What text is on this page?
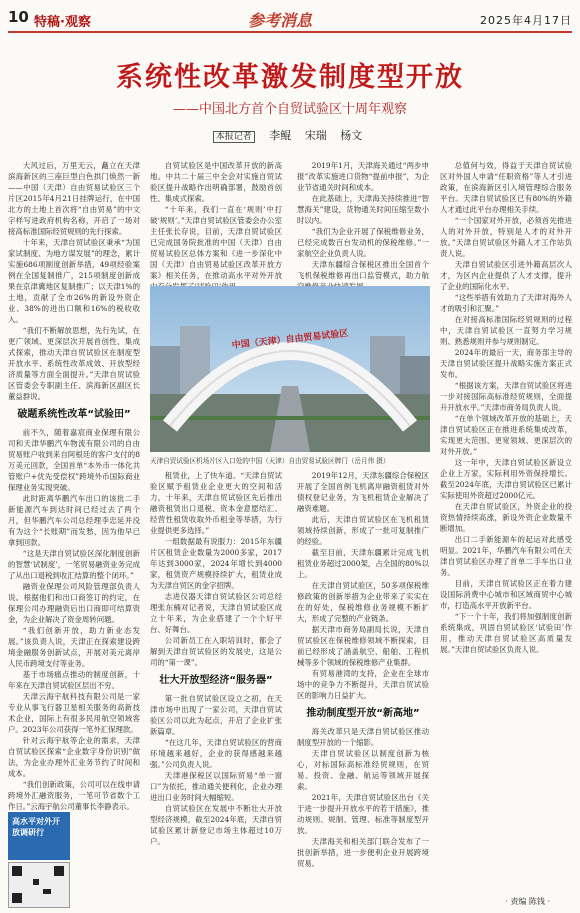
10 特稿·观察	参考消息	2025年4月17日
系统性改革激发制度型开放
——中国北方首个自贸试验区十周年观察
本报记者 李鲲 宋瑞 杨文

大风过后，万里无云，矗立在天津滨海新区的三座巨型白色拱门焕然一新——中国（天津）自由贸易试验区三个片区2015年4月21日挂牌运行，在中国北方的土地上首次将“自由贸易”的中文字样写进政府机构名称，开启了一场对接高标准国际经贸规则的先行探索。

十年来，天津自贸试验区秉承“为国家试制度、为地方谋发展”的理念，累计实施686项制度创新举措，49项经验案例在全国复制推广，215项制度创新成果在京津冀地区复制推广；以天津1%的土地，贡献了全市26%的新设外资企业、38%的进出口额和16%的税收收入。

“我们不断解放思想，先行先试，在更广领域、更深层次开展首创性、集成式探索，推动天津自贸试验区在制度型开放水平、系统性改革成效、开放型经济质量等方面全面提升。”天津自贸试验区管委会专职副主任、滨海新区副区长董益群说。

破题系统性改革“试验田”

前不久，随着嘉宸商业保理有限公司和天津华鹏汽车物流有限公司的自由贸易账户收到来自阿根廷的客户支付的8万美元回款，全国首单“本外币一体化共管账户+优先受偿权”跨境外币国际商业保理业务实现突破。

此时距离华鹏汽车出口的该批二手新能源汽车到达时间已经过去了两个月，但华鹏汽车公司总经理李忠延并没有为这个“长账期”而发愁，因为他早已拿到回款。

“这是天津自贸试验区深化制度创新的智慧‘试制度’，一笔贸易融资业务完成了从出口退税到收汇结算的整个闭环。”

融资业保理公司风险管理部负责人说。根据他们和出口商签订的约定，在保理公司办理融资后出口商即可结算资金，为企业解决了资金周转问题。

“我们创新开放，助力新业态发展。”该负责人说，天津正在探索建设跨境金融服务创新试点，开展对美元离岸人民币跨境支付等业务。

基于市场痛点推动的制度创新，十年来在天津自贸试验区层出不穷。

天津云海宇航科技有限公司是一家专业从事飞行器卫星相关服务的高新技术企业，国际上有很多民用航空领域客户。2023年公司获得一笔外汇保理款。

针对云海宇航等企业的需求，天津自贸试验区探索“企业数字身份识别”做法，为企业办理外汇业务节约了时间和成本。

“我们创新政策，公司可以在线申请跨境外汇融资服务，一笔可节省数个工作日。”云海宇航公司董事长李静表示。

高水平对外开放调研行

自贸试验区是中国改革开放的新高地。中共二十届三中全会对实施自贸试验区提升战略作出明确部署，鼓励首创性、集成式探索。

“十年来，我们一直在‘规则’中打破‘规则’。”天津自贸试验区管委会办公室主任张长存说，目前，天津自贸试验区已完成国务院批准的中国（天津）自由贸易试验区总体方案和《进一步深化中国（天津）自由贸易试验区改革开放方案》相关任务，在推动高水平对外开放

2019年1月，天津海关通过“两步申报”改革实施进口货物“提前申报”，为企业节省通关时间和成本。

在此基础上，天津海关持续推进“智慧海关”建设，货物通关时间压缩至数小时以内。

“我们为企业开展了保税维修业务，已经完成数百台发动机的保税维修。”一家航空企业负责人说。

天津东疆综合保税区推出全国首个飞机保税维修再出口监管模式，助力航

中国（天津）自由贸易试验区
天津自贸试验区机场片区入口处的中国（天津）自由贸易试验区牌门（岳月伟 摄）

租赁业，上了快车道。“天津自贸试验区赋予租赁业企业更大的空间和活力，十年来，天津自贸试验区先后推出融资租赁出口退税、资本金意愿结汇、经营性租赁收取外币租金等举措，为行业提供更多选择。”

一组数据最有说服力：2015年东疆片区租赁企业数量为2000多家，2017年达到3000家，2024年增长到4000家，租赁资产规模持续扩大，租赁业成为天津自贸区的金字招牌。

志进仪器天津自贸试验区公司总经理张东楠对记者说，天津自贸试验区成立十年来，为企业搭建了一个个好平台、好舞台。

公司新员工在入职培训时，都会了解到天津自贸试验区的发展史，这是公司的“第一课”。

壮大开放型经济“服务器”

第一批自贸试验区设立之初，在天津市场中出现了一家公司，天津自贸试验区公司以此为起点，开启了企业扩张新篇章。

“在这几年，天津自贸试验区的营商环境越来越好，企业的获得感越来越强。”公司负责人说。

天津港保税区以国际贸易“单一窗口”为依托，推动通关便利化，企业办理进出口业务时间大幅缩短。

自贸试验区在发展中不断壮大开放型经济规模，截至2024年底，天津自贸试验区累计新登记市场主体超过10万户。

2019年12月，天津东疆综合保税区开展了全国首例飞机离岸融资租赁对外债权登记业务，为飞机租赁企业解决了融资难题。

此后，天津自贸试验区在飞机租赁领域持续创新，形成了一批可复制推广的经验。

截至目前，天津东疆累计完成飞机租赁业务超过2000架，占全国的80%以上。

在天津自贸试验区，50多项保税维修政策的创新举措为企业带来了实实在在的好处，保税维修业务规模不断扩大，形成了完整的产业链条。

据天津市商务局副局长说，天津自贸试验区在保税维修领域不断探索，目前已经形成了涵盖航空、船舶、工程机械等多个领域的保税维修产业集群。

有贸易港湾的支持，企业在全球市场中的竞争力不断提升，天津自贸试验区的影响力日益扩大。

推动制度型开放“新高地”

海关改革只是天津自贸试验区推动制度型开放的一个缩影。

天津自贸试验区以制度创新为核心，对标国际高标准经贸规则，在贸易、投资、金融、航运等领域开展探索。

2021年，天津自贸试验区出台《关于进一步提升开放水平的若干措施》，推动规则、规制、管理、标准等制度型开放。

天津海关和相关部门联合发布了一批创新举措，进一步便利企业开展跨境贸易。

总值何与效，得益于天津自贸试验区对外国人申请“任职资格”等人才引进政策，在滨海新区引入境管理综合服务平台。天津自贸试验区已有80%的外籍人才通过此平台办理相关手续。

“一个国家对外开放，必须首先推进人的对外开放，特别是人才的对外开放。”天津自贸试验区外籍人才工作站负责人说。

天津自贸试验区引进外籍高层次人才，为区内企业提供了人才支撑，提升了企业的国际化水平。

“这些举措有效助力了天津对海外人才的吸引和汇聚。”

在对接高标准国际经贸规则的过程中，天津自贸试验区一直努力学习规则、熟悉规则并参与规则制定。

2024年的最后一天，商务部主导的天津自贸试验区提升战略实施方案正式发布。

“根据该方案，天津自贸试验区将进一步对接国际高标准经贸规则，全面提升开放水平。”天津市商务局负责人说。

“在单个领域改革开放的基础上，天津自贸试验区正在推进系统集成改革，实现更大范围、更宽领域、更深层次的对外开放。”

这一年中，天津自贸试验区新设立企业上万家，实际利用外资保持增长。截至2024年底，天津自贸试验区已累计实际使用外资超过2000亿元。

在天津自贸试验区，外资企业的投资热情持续高涨，新设外资企业数量不断增加。

出口二手新能源车的起运对此感受明显。2021年，华鹏汽车有限公司在天津自贸试验区办理了首单二手车出口业务。

目前，天津自贸试验区正在着力建设国际消费中心城市和区域商贸中心城市，打造高水平开放新平台。

“下一个十年，我们将加强制度创新系统集成，巩固自贸试验区‘试验田’作用，推动天津自贸试验区高质量发展。”天津自贸试验区负责人说。

· 责编 陈钱 ·
